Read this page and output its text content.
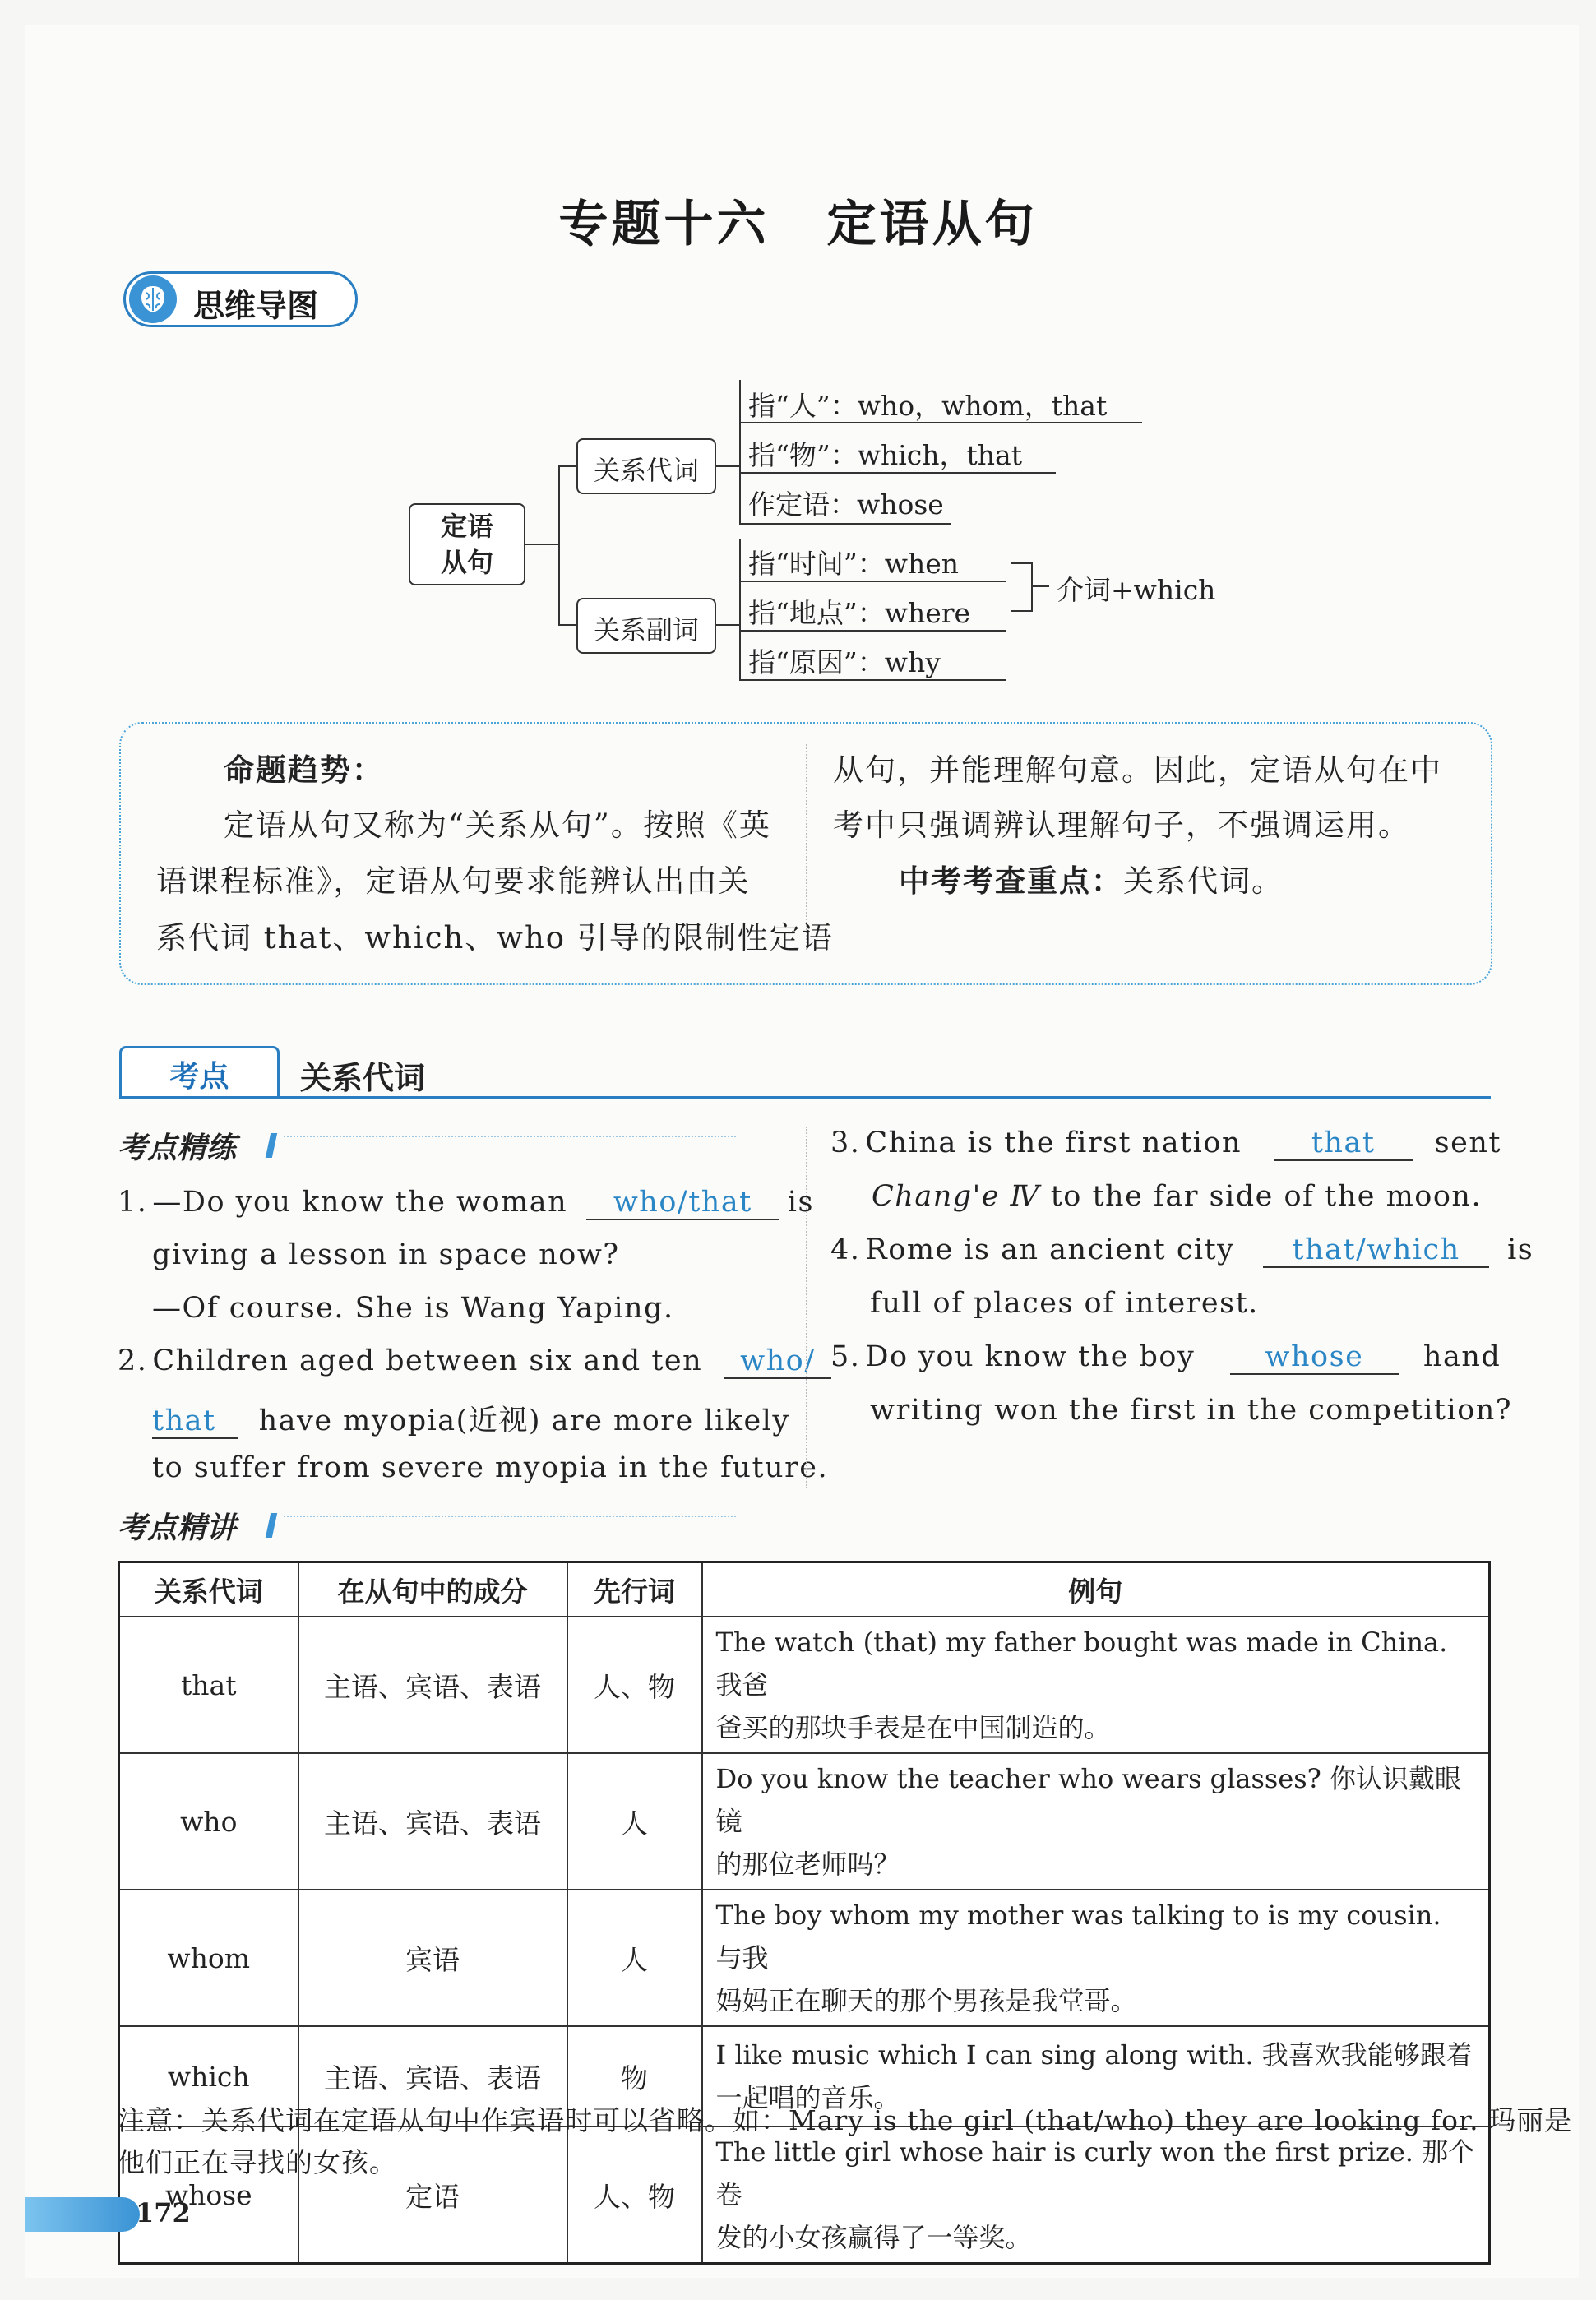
专题十六 定语从句
思维导图
定语
从句
关系代词
关系副词
指“人”：who，whom，that
指“物”：which，that
作定语：whose
指“时间”：when
指“地点”：where
指“原因”：why
介词+which
命题趋势：
定语从句又称为“关系从句”。按照《英
语课程标准》，定语从句要求能辨认出由关
系代词 that、which、who 引导的限制性定语
从句，并能理解句意。因此，定语从句在中
考中只强调辨认理解句子，不强调运用。
中考考查重点：关系代词。
考点	关系代词
考点精练
1. —Do you know the woman who/that is
giving a lesson in space now?
—Of course. She is Wang Yaping.
2. Children aged between six and ten who/
that have myopia(近视) are more likely
to suffer from severe myopia in the future.
3. China is the first nation that sent
Chang'e Ⅳ to the far side of the moon.
4. Rome is an ancient city that/which is
full of places of interest.
5. Do you know the boy whose hand
writing won the first in the competition?
考点精讲
关系代词	在从句中的成分	先行词	例句
that	主语、宾语、表语	人、物	The watch (that) my father bought was made in China. 我爸
爸买的那块手表是在中国制造的。

who	主语、宾语、表语	人	Do you know the teacher who wears glasses? 你认识戴眼镜
的那位老师吗？

whom	宾语	人	The boy whom my mother was talking to is my cousin. 与我
妈妈正在聊天的那个男孩是我堂哥。

which	主语、宾语、表语	物	I like music which I can sing along with. 我喜欢我能够跟着
一起唱的音乐。

whose	定语	人、物	The little girl whose hair is curly won the first prize. 那个卷
发的小女孩赢得了一等奖。
注意：关系代词在定语从句中作宾语时可以省略。如：Mary is the girl (that/who) they are looking for. 玛丽是
他们正在寻找的女孩。
172
